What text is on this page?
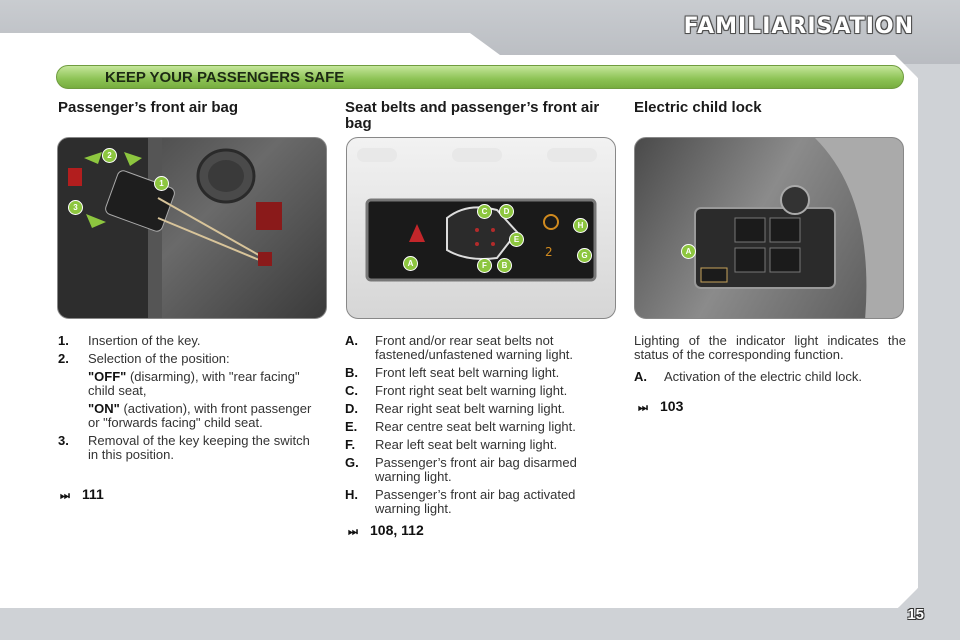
FAMILIARISATION
KEEP YOUR PASSENGERS SAFE
Passenger’s front air bag	Seat belts and passenger’s front air bag
Electric child lock
2
1
3
2
C	D
E
H
G
A	F	B
A
1. Insertion of the key.
2. Selection of the position:
"OFF" (disarming), with "rear facing" child seat,
"ON" (activation), with front passenger or "forwards facing" child seat.
3. Removal of the key keeping the switch in this position.
⏭ 111
A. Front and/or rear seat belts not fastened/unfastened warning light.
B. Front left seat belt warning light.
C. Front right seat belt warning light.
D. Rear right seat belt warning light.
E. Rear centre seat belt warning light.
F. Rear left seat belt warning light.
G. Passenger’s front air bag disarmed warning light.
H. Passenger’s front air bag activated warning light.
⏭ 108, 112
Lighting of the indicator light indicates the status of the corresponding function.
A. Activation of the electric child lock.
⏭ 103
15
